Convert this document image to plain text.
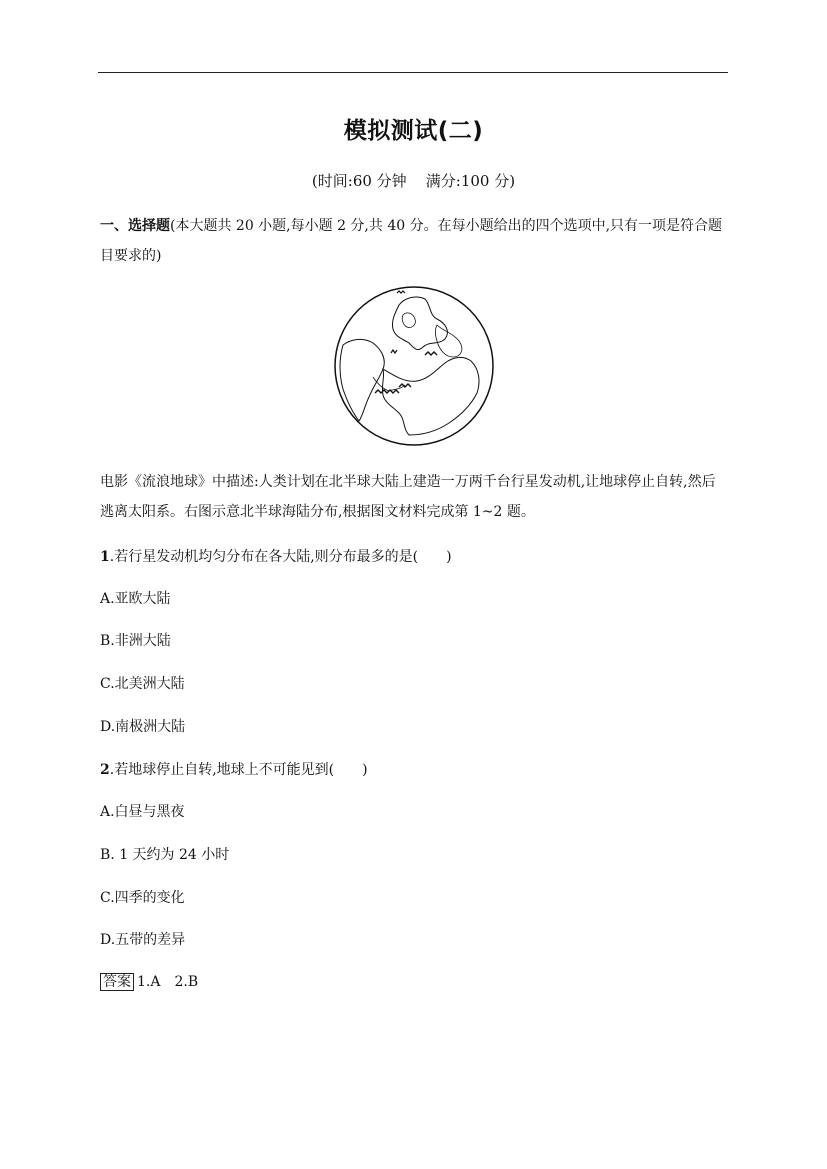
模拟测试(二)
(时间:60 分钟 满分:100 分)
一、选择题(本大题共 20 小题,每小题 2 分,共 40 分。在每小题给出的四个选项中,只有一项是符合题目要求的)
电影《流浪地球》中描述:人类计划在北半球大陆上建造一万两千台行星发动机,让地球停止自转,然后逃离太阳系。右图示意北半球海陆分布,根据图文材料完成第 1~2 题。
1.若行星发动机均匀分布在各大陆,则分布最多的是(　　)
A.亚欧大陆
B.非洲大陆
C.北美洲大陆
D.南极洲大陆
2.若地球停止自转,地球上不可能见到(　　)
A.白昼与黑夜
B. 1 天约为 24 小时
C.四季的变化
D.五带的差异
答案 1.A　2.B
